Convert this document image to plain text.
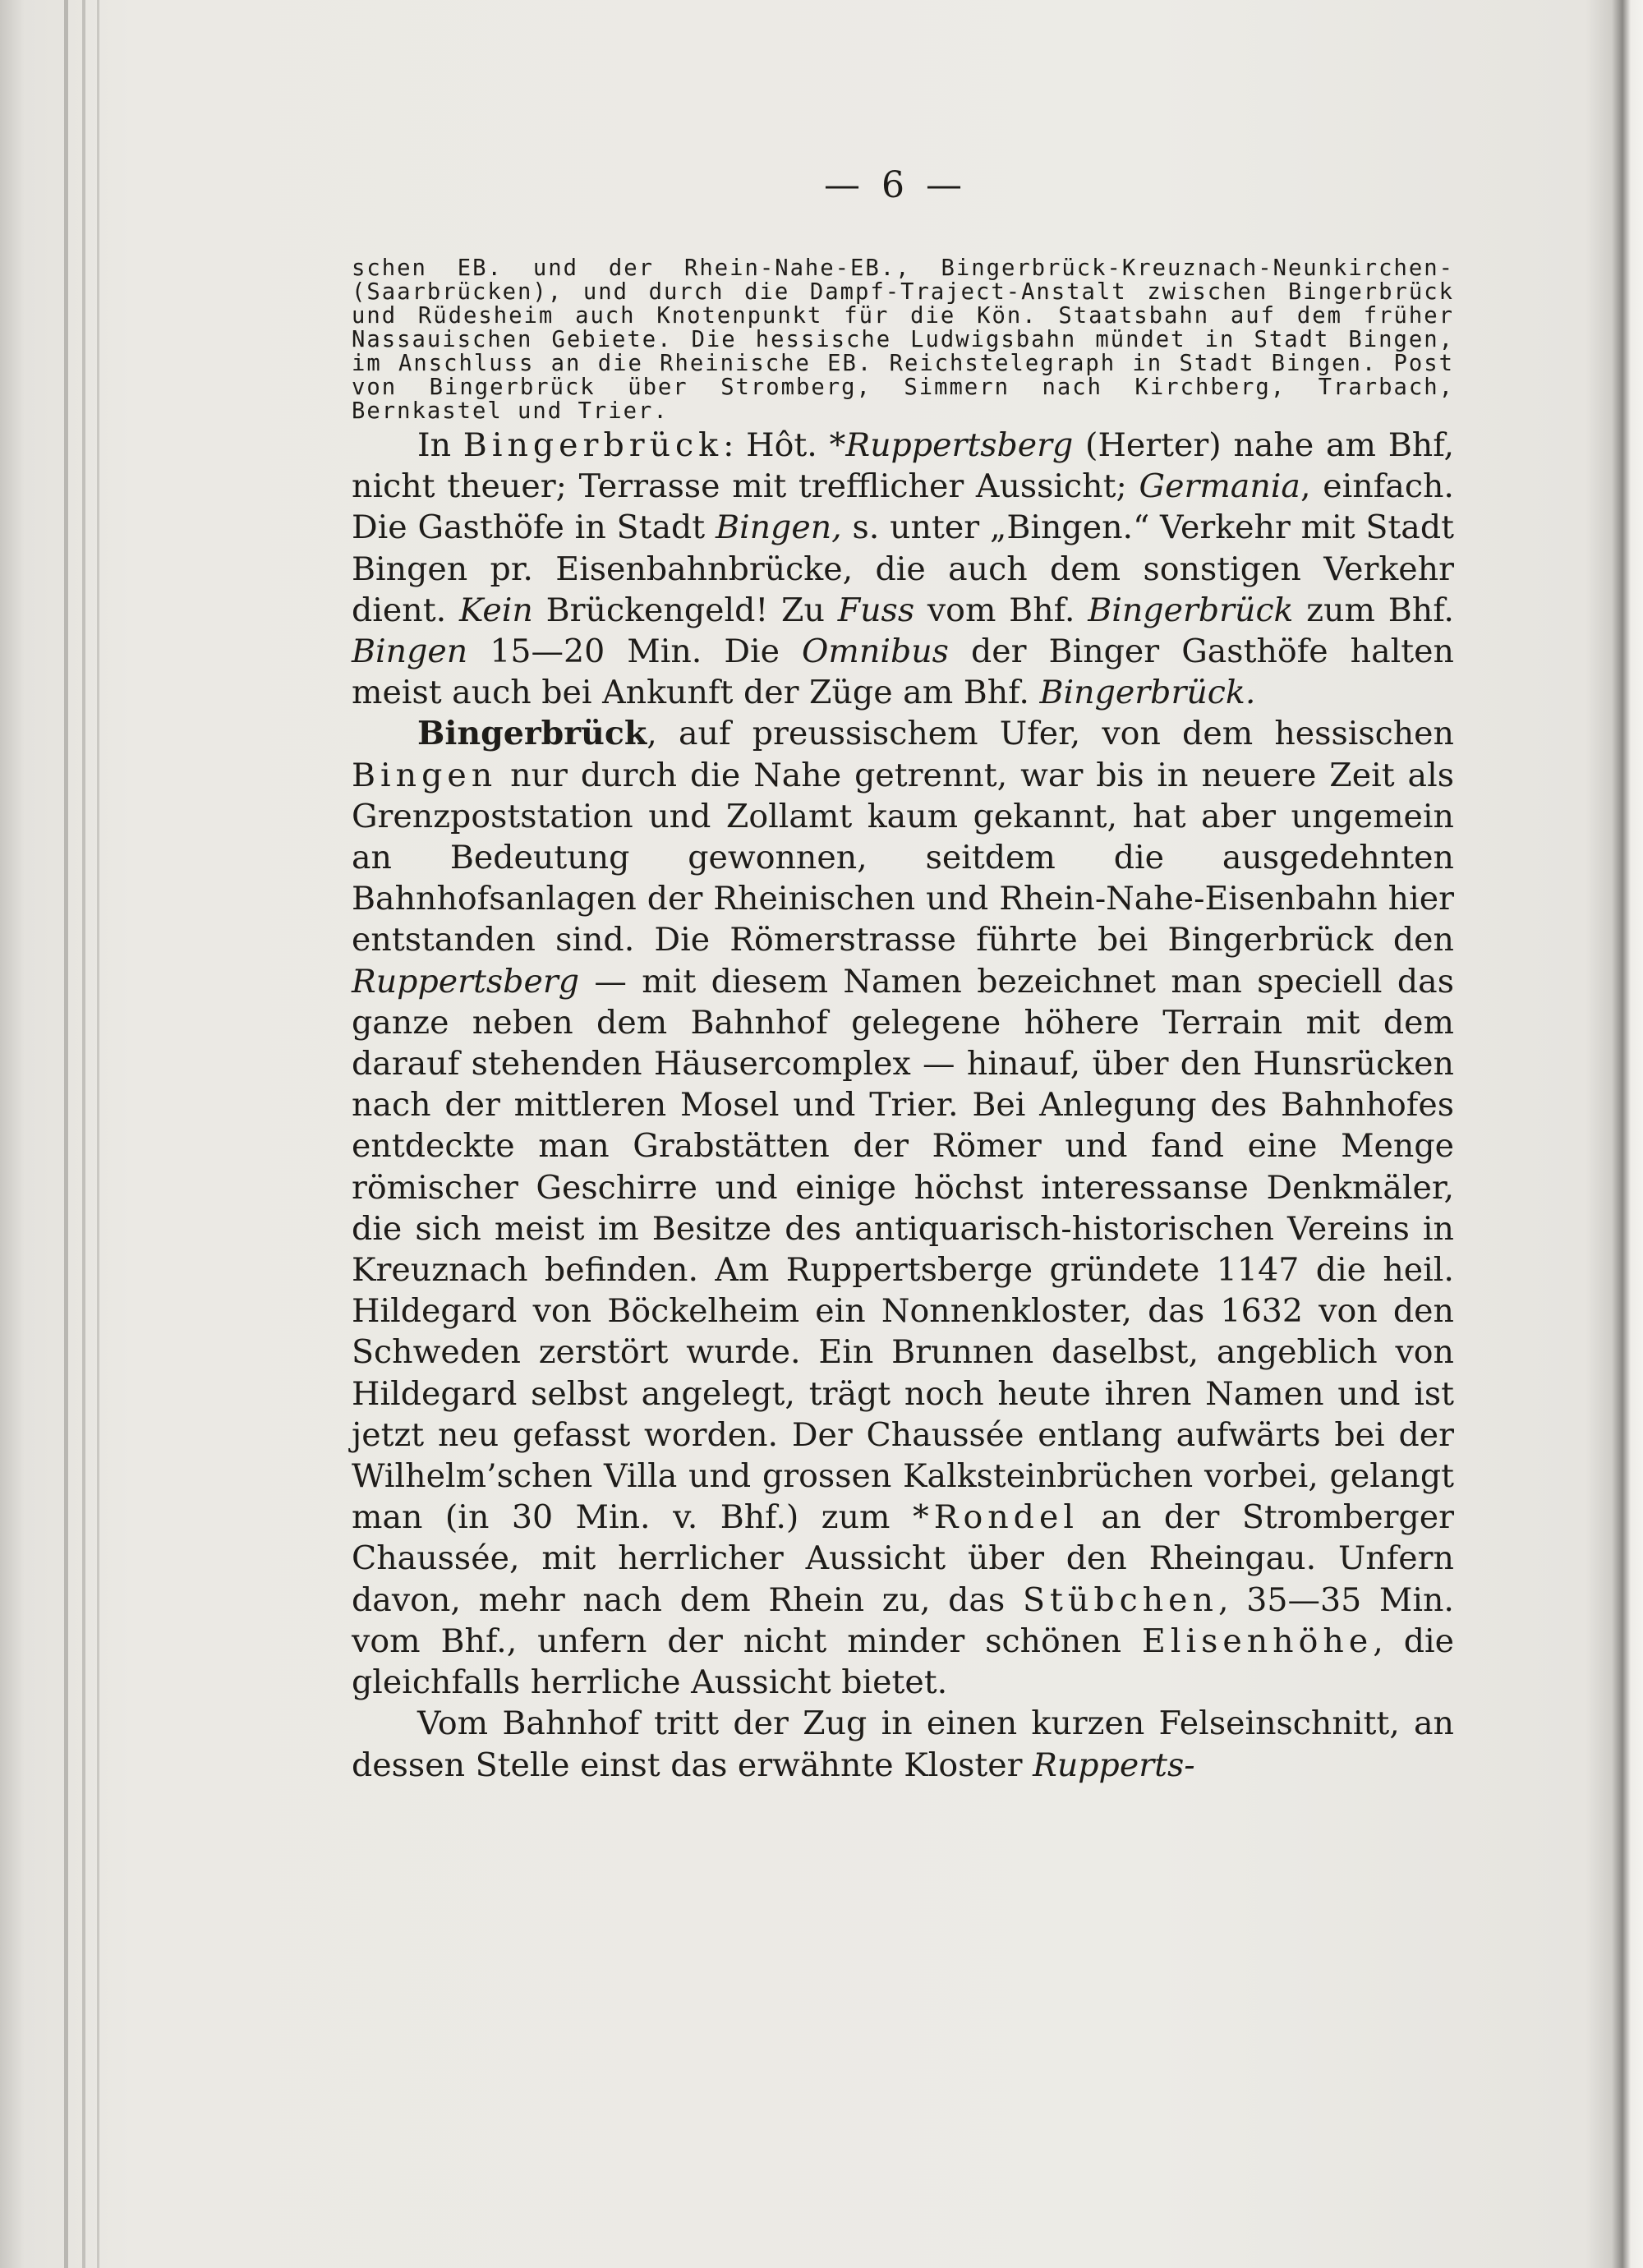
— 6 —

schen EB. und der Rhein-Nahe-EB., Bingerbrück-Kreuznach-Neunkirchen-(Saarbrücken), und durch die Dampf-Traject-Anstalt zwischen Bingerbrück und Rüdesheim auch Knotenpunkt für die Kön. Staatsbahn auf dem früher Nassauischen Gebiete. Die hessische Ludwigsbahn mündet in Stadt Bingen, im Anschluss an die Rheinische EB. Reichstelegraph in Stadt Bingen. Post von Bingerbrück über Stromberg, Simmern nach Kirchberg, Trarbach, Bernkastel und Trier.

In Bingerbrück: Hôt. *Ruppertsberg (Herter) nahe am Bhf, nicht theuer; Terrasse mit trefflicher Aussicht; Germania, einfach. Die Gasthöfe in Stadt Bingen, s. unter „Bingen.“ Verkehr mit Stadt Bingen pr. Eisenbahnbrücke, die auch dem sonstigen Verkehr dient. Kein Brückengeld! Zu Fuss vom Bhf. Bingerbrück zum Bhf. Bingen 15—20 Min. Die Omnibus der Binger Gasthöfe halten meist auch bei Ankunft der Züge am Bhf. Bingerbrück.

Bingerbrück, auf preussischem Ufer, von dem hessischen Bingen nur durch die Nahe getrennt, war bis in neuere Zeit als Grenzpoststation und Zollamt kaum gekannt, hat aber ungemein an Bedeutung gewonnen, seitdem die ausgedehnten Bahnhofsanlagen der Rheinischen und Rhein-Nahe-Eisenbahn hier entstanden sind. Die Römerstrasse führte bei Bingerbrück den Ruppertsberg — mit diesem Namen bezeichnet man speciell das ganze neben dem Bahnhof gelegene höhere Terrain mit dem darauf stehenden Häusercomplex — hinauf, über den Hunsrücken nach der mittleren Mosel und Trier. Bei Anlegung des Bahnhofes entdeckte man Grabstätten der Römer und fand eine Menge römischer Geschirre und einige höchst interessanse Denkmäler, die sich meist im Besitze des antiquarisch-historischen Vereins in Kreuznach befinden. Am Ruppertsberge gründete 1147 die heil. Hildegard von Böckelheim ein Nonnenkloster, das 1632 von den Schweden zerstört wurde. Ein Brunnen daselbst, angeblich von Hildegard selbst angelegt, trägt noch heute ihren Namen und ist jetzt neu gefasst worden. Der Chaussée entlang aufwärts bei der Wilhelm’schen Villa und grossen Kalksteinbrüchen vorbei, gelangt man (in 30 Min. v. Bhf.) zum *Rondel an der Stromberger Chaussée, mit herrlicher Aussicht über den Rheingau. Unfern davon, mehr nach dem Rhein zu, das Stübchen, 35—35 Min. vom Bhf., unfern der nicht minder schönen Elisenhöhe, die gleichfalls herrliche Aussicht bietet.

Vom Bahnhof tritt der Zug in einen kurzen Felseinschnitt, an dessen Stelle einst das erwähnte Kloster Rupperts-
